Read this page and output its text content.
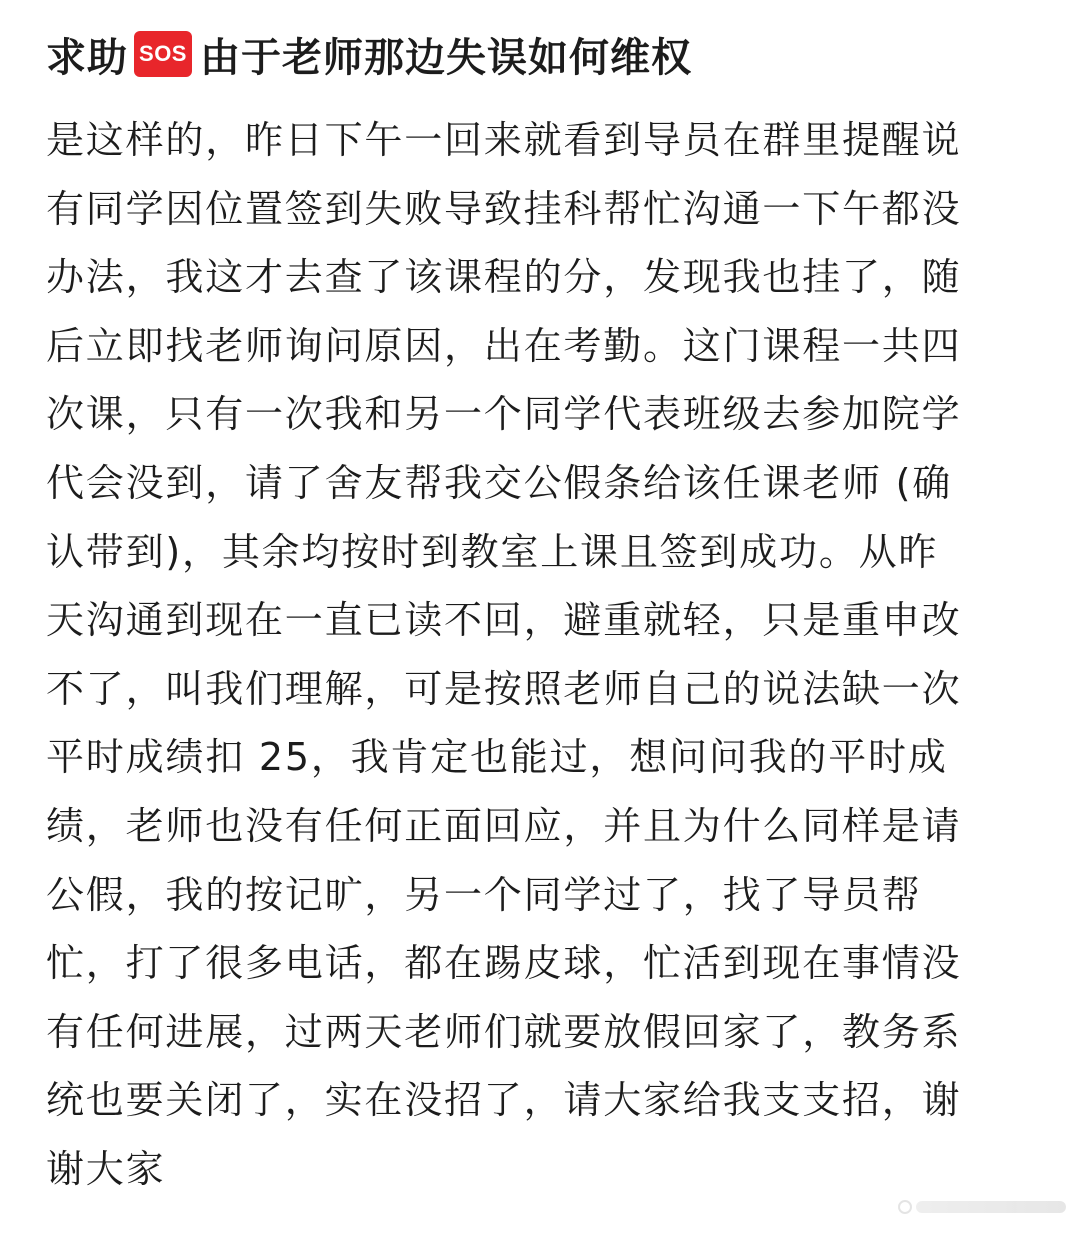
求助 SOS 由于老师那边失误如何维权
是这样的，昨日下午一回来就看到导员在群里提醒说
有同学因位置签到失败导致挂科帮忙沟通一下午都没
办法，我这才去查了该课程的分，发现我也挂了，随
后立即找老师询问原因，出在考勤。这门课程一共四
次课，只有一次我和另一个同学代表班级去参加院学
代会没到，请了舍友帮我交公假条给该任课老师 (确
认带到)，其余均按时到教室上课且签到成功。从昨
天沟通到现在一直已读不回，避重就轻，只是重申改
不了，叫我们理解，可是按照老师自己的说法缺一次
平时成绩扣 25，我肯定也能过，想问问我的平时成
绩，老师也没有任何正面回应，并且为什么同样是请
公假，我的按记旷，另一个同学过了，找了导员帮
忙，打了很多电话，都在踢皮球，忙活到现在事情没
有任何进展，过两天老师们就要放假回家了，教务系
统也要关闭了，实在没招了，请大家给我支支招，谢
谢大家
